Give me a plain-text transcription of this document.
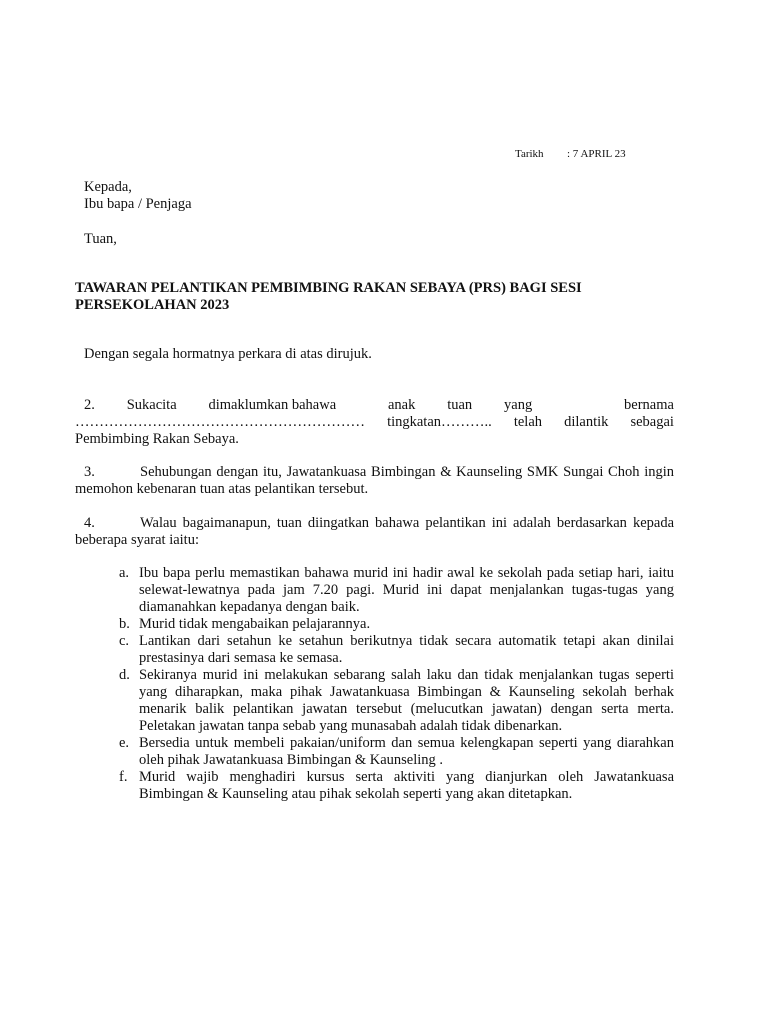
Tarikh : 7 APRIL 23
Kepada,
Ibu bapa / Penjaga
Tuan,
TAWARAN PELANTIKAN PEMBIMBING RAKAN SEBAYA (PRS) BAGI SESI
PERSEKOLAHAN 2023
Dengan segala hormatnya perkara di atas dirujuk.
2. Sukacita dimaklumkan bahawa	anak tuan yang	bernama
…………………………………………………… tingkatan……….. telah dilantik sebagai
Pembimbing Rakan Sebaya.
3.	Sehubungan dengan itu, Jawatankuasa Bimbingan & Kaunseling SMK Sungai Choh ingin memohon kebenaran tuan atas pelantikan tersebut.
4.	Walau bagaimanapun, tuan diingatkan bahawa pelantikan ini adalah berdasarkan kepada beberapa syarat iaitu:
a. Ibu bapa perlu memastikan bahawa murid ini hadir awal ke sekolah pada setiap hari, iaitu selewat-lewatnya pada jam 7.20 pagi. Murid ini dapat menjalankan tugas-tugas yang diamanahkan kepadanya dengan baik.
b. Murid tidak mengabaikan pelajarannya.
c. Lantikan dari setahun ke setahun berikutnya tidak secara automatik tetapi akan dinilai prestasinya dari semasa ke semasa.
d. Sekiranya murid ini melakukan sebarang salah laku dan tidak menjalankan tugas seperti yang diharapkan, maka pihak Jawatankuasa Bimbingan & Kaunseling sekolah berhak menarik balik pelantikan jawatan tersebut (melucutkan jawatan) dengan serta merta. Peletakan jawatan tanpa sebab yang munasabah adalah tidak dibenarkan.
e. Bersedia untuk membeli pakaian/uniform dan semua kelengkapan seperti yang diarahkan oleh pihak Jawatankuasa Bimbingan & Kaunseling .
f. Murid wajib menghadiri kursus serta aktiviti yang dianjurkan oleh Jawatankuasa Bimbingan & Kaunseling atau pihak sekolah seperti yang akan ditetapkan.
